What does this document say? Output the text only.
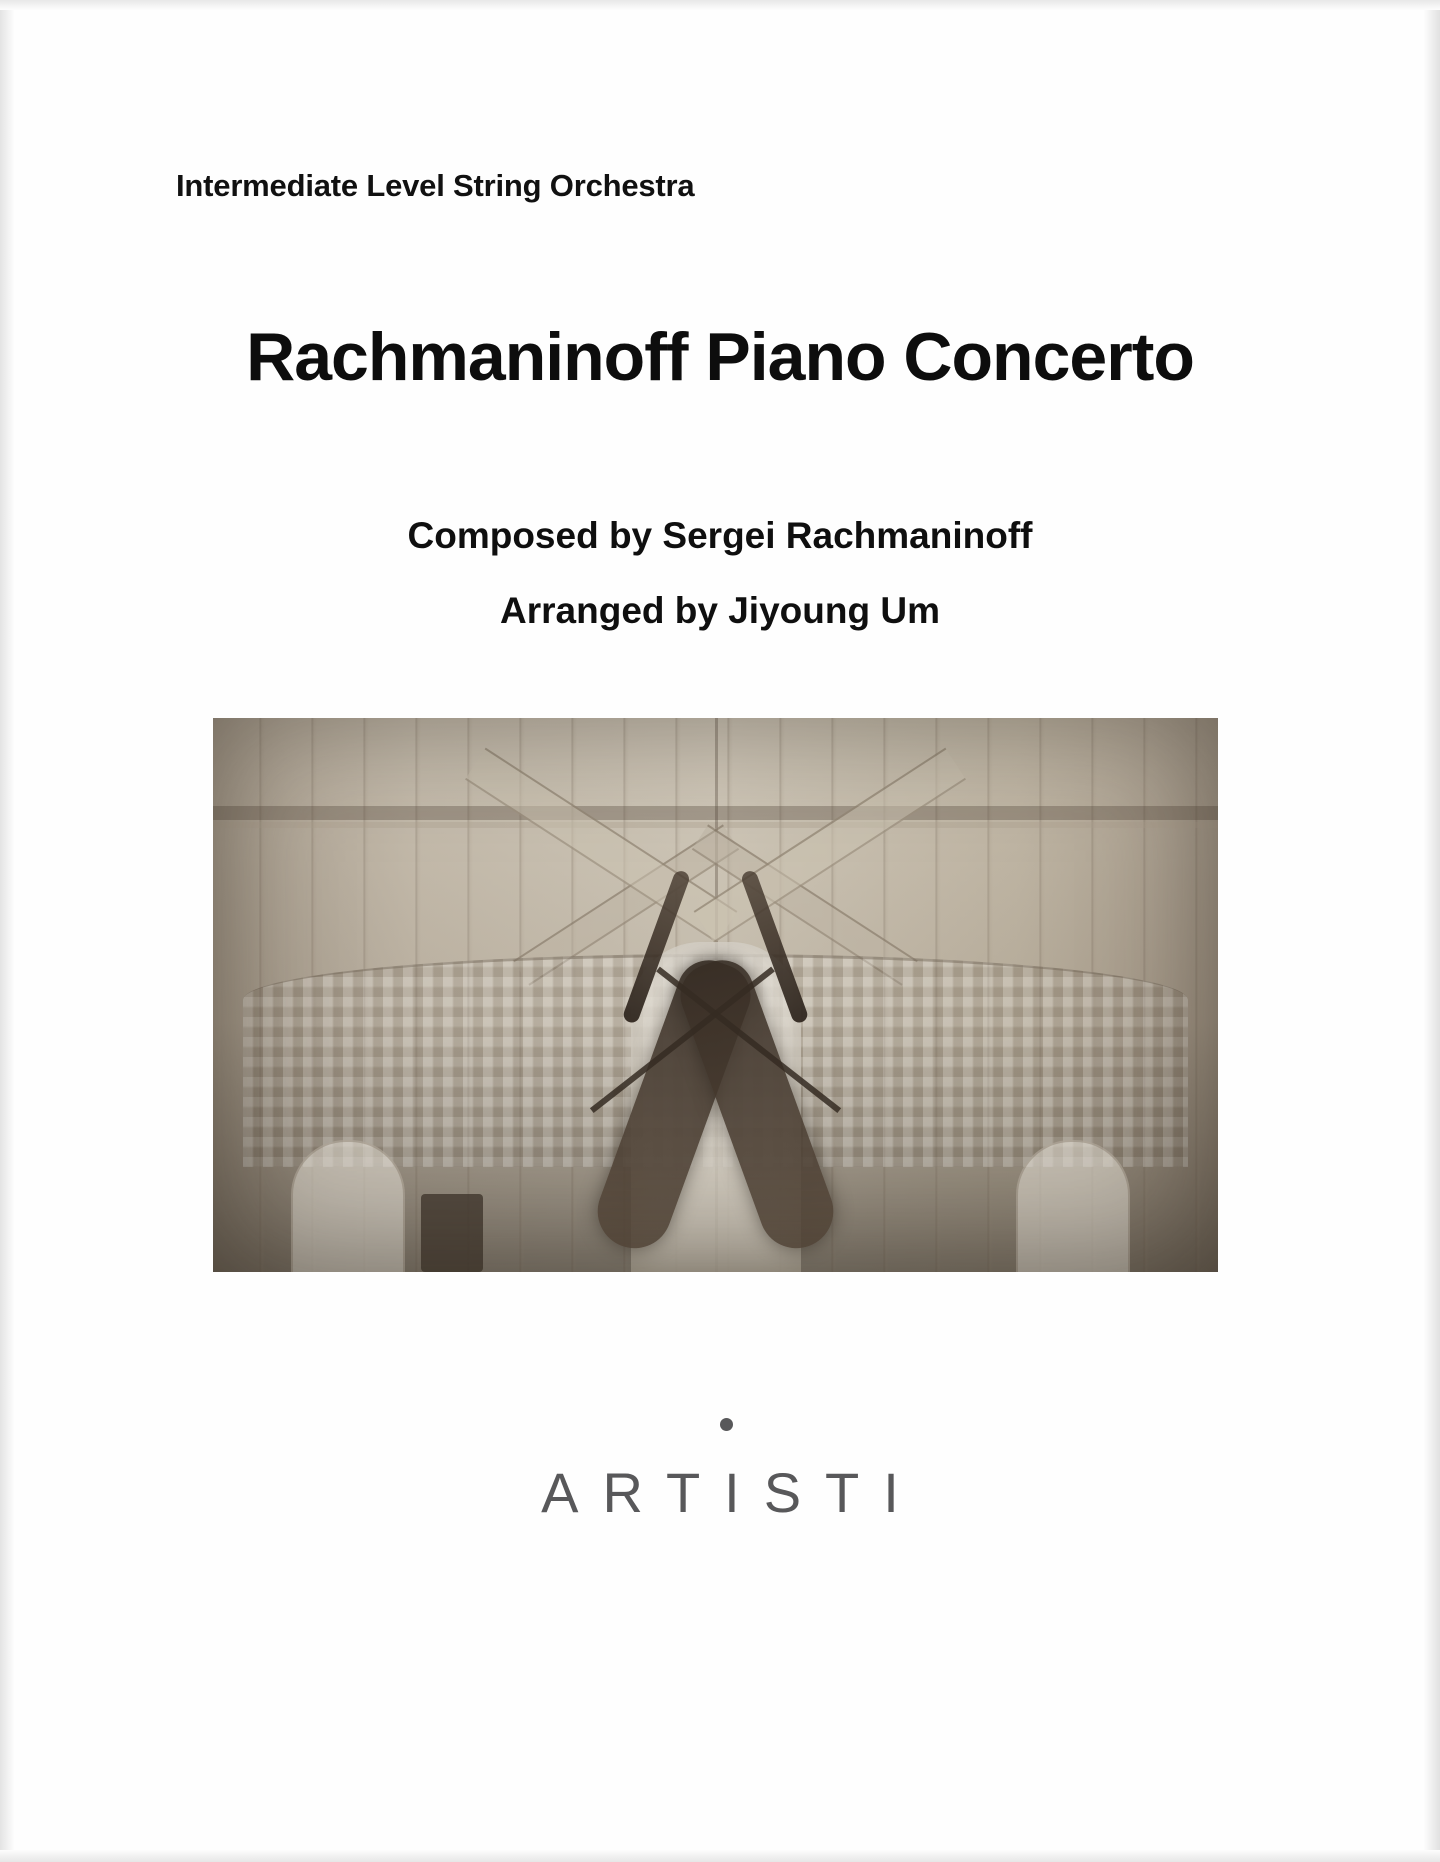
Intermediate Level String Orchestra
Rachmaninoff Piano Concerto
Composed by Sergei Rachmaninoff
Arranged by Jiyoung Um
ARTISTI
